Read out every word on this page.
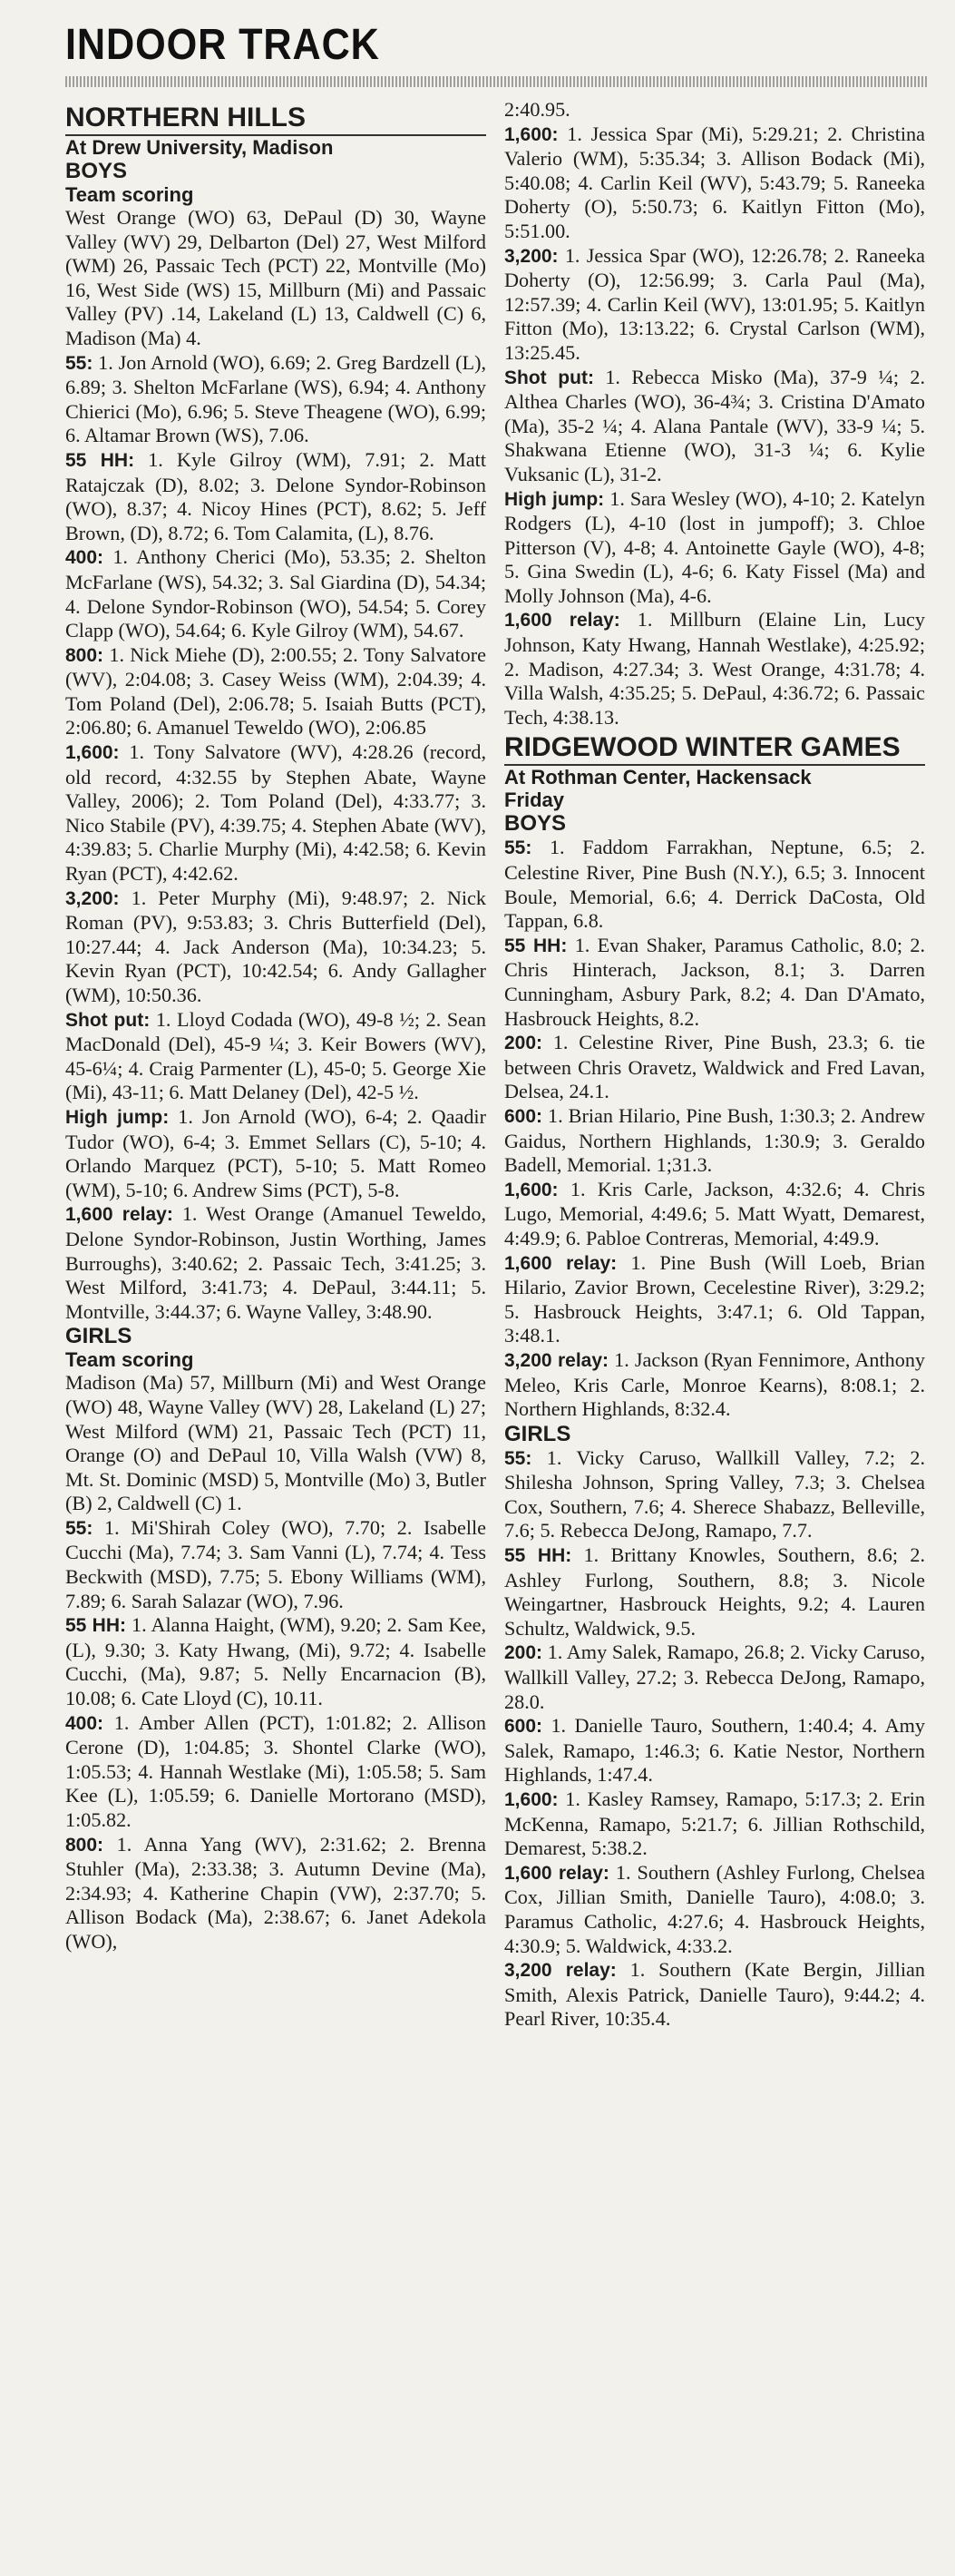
INDOOR TRACK
NORTHERN HILLS
At Drew University, Madison
BOYS
Team scoring

West Orange (WO) 63, DePaul (D) 30, Wayne Valley (WV) 29, Delbarton (Del) 27, West Milford (WM) 26, Passaic Tech (PCT) 22, Montville (Mo) 16, West Side (WS) 15, Millburn (Mi) and Passaic Valley (PV) .14, Lakeland (L) 13, Caldwell (C) 6, Madison (Ma) 4.

55: 1. Jon Arnold (WO), 6.69; 2. Greg Bardzell (L), 6.89; 3. Shelton McFarlane (WS), 6.94; 4. Anthony Chierici (Mo), 6.96; 5. Steve Theagene (WO), 6.99; 6. Altamar Brown (WS), 7.06.

55 HH: 1. Kyle Gilroy (WM), 7.91; 2. Matt Ratajczak (D), 8.02; 3. Delone Syndor-Robinson (WO), 8.37; 4. Nicoy Hines (PCT), 8.62; 5. Jeff Brown, (D), 8.72; 6. Tom Calamita, (L), 8.76.

400: 1. Anthony Cherici (Mo), 53.35; 2. Shelton McFarlane (WS), 54.32; 3. Sal Giardina (D), 54.34; 4. Delone Syndor-Robinson (WO), 54.54; 5. Corey Clapp (WO), 54.64; 6. Kyle Gilroy (WM), 54.67.

800: 1. Nick Miehe (D), 2:00.55; 2. Tony Salvatore (WV), 2:04.08; 3. Casey Weiss (WM), 2:04.39; 4. Tom Poland (Del), 2:06.78; 5. Isaiah Butts (PCT), 2:06.80; 6. Amanuel Teweldo (WO), 2:06.85

1,600: 1. Tony Salvatore (WV), 4:28.26 (record, old record, 4:32.55 by Stephen Abate, Wayne Valley, 2006); 2. Tom Poland (Del), 4:33.77; 3. Nico Stabile (PV), 4:39.75; 4. Stephen Abate (WV), 4:39.83; 5. Charlie Murphy (Mi), 4:42.58; 6. Kevin Ryan (PCT), 4:42.62.

3,200: 1. Peter Murphy (Mi), 9:48.97; 2. Nick Roman (PV), 9:53.83; 3. Chris Butterfield (Del), 10:27.44; 4. Jack Anderson (Ma), 10:34.23; 5. Kevin Ryan (PCT), 10:42.54; 6. Andy Gallagher (WM), 10:50.36.

Shot put: 1. Lloyd Codada (WO), 49-8 ½; 2. Sean MacDonald (Del), 45-9 ¼; 3. Keir Bowers (WV), 45-6¼; 4. Craig Parmenter (L), 45-0; 5. George Xie (Mi), 43-11; 6. Matt Delaney (Del), 42-5 ½.

High jump: 1. Jon Arnold (WO), 6-4; 2. Qaadir Tudor (WO), 6-4; 3. Emmet Sellars (C), 5-10; 4. Orlando Marquez (PCT), 5-10; 5. Matt Romeo (WM), 5-10; 6. Andrew Sims (PCT), 5-8.

1,600 relay: 1. West Orange (Amanuel Teweldo, Delone Syndor-Robinson, Justin Worthing, James Burroughs), 3:40.62; 2. Passaic Tech, 3:41.25; 3. West Milford, 3:41.73; 4. DePaul, 3:44.11; 5. Montville, 3:44.37; 6. Wayne Valley, 3:48.90.

GIRLS
Team scoring

Madison (Ma) 57, Millburn (Mi) and West Orange (WO) 48, Wayne Valley (WV) 28, Lakeland (L) 27; West Milford (WM) 21, Passaic Tech (PCT) 11, Orange (O) and DePaul 10, Villa Walsh (VW) 8, Mt. St. Dominic (MSD) 5, Montville (Mo) 3, Butler (B) 2, Caldwell (C) 1.

55: 1. Mi'Shirah Coley (WO), 7.70; 2. Isabelle Cucchi (Ma), 7.74; 3. Sam Vanni (L), 7.74; 4. Tess Beckwith (MSD), 7.75; 5. Ebony Williams (WM), 7.89; 6. Sarah Salazar (WO), 7.96.

55 HH: 1. Alanna Haight, (WM), 9.20; 2. Sam Kee, (L), 9.30; 3. Katy Hwang, (Mi), 9.72; 4. Isabelle Cucchi, (Ma), 9.87; 5. Nelly Encarnacion (B), 10.08; 6. Cate Lloyd (C), 10.11.

400: 1. Amber Allen (PCT), 1:01.82; 2. Allison Cerone (D), 1:04.85; 3. Shontel Clarke (WO), 1:05.53; 4. Hannah Westlake (Mi), 1:05.58; 5. Sam Kee (L), 1:05.59; 6. Danielle Mortorano (MSD), 1:05.82.

800: 1. Anna Yang (WV), 2:31.62; 2. Brenna Stuhler (Ma), 2:33.38; 3. Autumn Devine (Ma), 2:34.93; 4. Katherine Chapin (VW), 2:37.70; 5. Allison Bodack (Ma), 2:38.67; 6. Janet Adekola (WO),

2:40.95.

1,600: 1. Jessica Spar (Mi), 5:29.21; 2. Christina Valerio (WM), 5:35.34; 3. Allison Bodack (Mi), 5:40.08; 4. Carlin Keil (WV), 5:43.79; 5. Raneeka Doherty (O), 5:50.73; 6. Kaitlyn Fitton (Mo), 5:51.00.

3,200: 1. Jessica Spar (WO), 12:26.78; 2. Raneeka Doherty (O), 12:56.99; 3. Carla Paul (Ma), 12:57.39; 4. Carlin Keil (WV), 13:01.95; 5. Kaitlyn Fitton (Mo), 13:13.22; 6. Crystal Carlson (WM), 13:25.45.

Shot put: 1. Rebecca Misko (Ma), 37-9 ¼; 2. Althea Charles (WO), 36-4¾; 3. Cristina D'Amato (Ma), 35-2 ¼; 4. Alana Pantale (WV), 33-9 ¼; 5. Shakwana Etienne (WO), 31-3 ¼; 6. Kylie Vuksanic (L), 31-2.

High jump: 1. Sara Wesley (WO), 4-10; 2. Katelyn Rodgers (L), 4-10 (lost in jumpoff); 3. Chloe Pitterson (V), 4-8; 4. Antoinette Gayle (WO), 4-8; 5. Gina Swedin (L), 4-6; 6. Katy Fissel (Ma) and Molly Johnson (Ma), 4-6.

1,600 relay: 1. Millburn (Elaine Lin, Lucy Johnson, Katy Hwang, Hannah Westlake), 4:25.92; 2. Madison, 4:27.34; 3. West Orange, 4:31.78; 4. Villa Walsh, 4:35.25; 5. DePaul, 4:36.72; 6. Passaic Tech, 4:38.13.

RIDGEWOOD WINTER GAMES
At Rothman Center, Hackensack
Friday
BOYS

55: 1. Faddom Farrakhan, Neptune, 6.5; 2. Celestine River, Pine Bush (N.Y.), 6.5; 3. Innocent Boule, Memorial, 6.6; 4. Derrick DaCosta, Old Tappan, 6.8.

55 HH: 1. Evan Shaker, Paramus Catholic, 8.0; 2. Chris Hinterach, Jackson, 8.1; 3. Darren Cunningham, Asbury Park, 8.2; 4. Dan D'Amato, Hasbrouck Heights, 8.2.

200: 1. Celestine River, Pine Bush, 23.3; 6. tie between Chris Oravetz, Waldwick and Fred Lavan, Delsea, 24.1.

600: 1. Brian Hilario, Pine Bush, 1:30.3; 2. Andrew Gaidus, Northern Highlands, 1:30.9; 3. Geraldo Badell, Memorial. 1;31.3.

1,600: 1. Kris Carle, Jackson, 4:32.6; 4. Chris Lugo, Memorial, 4:49.6; 5. Matt Wyatt, Demarest, 4:49.9; 6. Pabloe Contreras, Memorial, 4:49.9.

1,600 relay: 1. Pine Bush (Will Loeb, Brian Hilario, Zavior Brown, Cecelestine River), 3:29.2; 5. Hasbrouck Heights, 3:47.1; 6. Old Tappan, 3:48.1.

3,200 relay: 1. Jackson (Ryan Fennimore, Anthony Meleo, Kris Carle, Monroe Kearns), 8:08.1; 2. Northern Highlands, 8:32.4.

GIRLS

55: 1. Vicky Caruso, Wallkill Valley, 7.2; 2. Shilesha Johnson, Spring Valley, 7.3; 3. Chelsea Cox, Southern, 7.6; 4. Sherece Shabazz, Belleville, 7.6; 5. Rebecca DeJong, Ramapo, 7.7.

55 HH: 1. Brittany Knowles, Southern, 8.6; 2. Ashley Furlong, Southern, 8.8; 3. Nicole Weingartner, Hasbrouck Heights, 9.2; 4. Lauren Schultz, Waldwick, 9.5.

200: 1. Amy Salek, Ramapo, 26.8; 2. Vicky Caruso, Wallkill Valley, 27.2; 3. Rebecca DeJong, Ramapo, 28.0.

600: 1. Danielle Tauro, Southern, 1:40.4; 4. Amy Salek, Ramapo, 1:46.3; 6. Katie Nestor, Northern Highlands, 1:47.4.

1,600: 1. Kasley Ramsey, Ramapo, 5:17.3; 2. Erin McKenna, Ramapo, 5:21.7; 6. Jillian Rothschild, Demarest, 5:38.2.

1,600 relay: 1. Southern (Ashley Furlong, Chelsea Cox, Jillian Smith, Danielle Tauro), 4:08.0; 3. Paramus Catholic, 4:27.6; 4. Hasbrouck Heights, 4:30.9; 5. Waldwick, 4:33.2.

3,200 relay: 1. Southern (Kate Bergin, Jillian Smith, Alexis Patrick, Danielle Tauro), 9:44.2; 4. Pearl River, 10:35.4.
